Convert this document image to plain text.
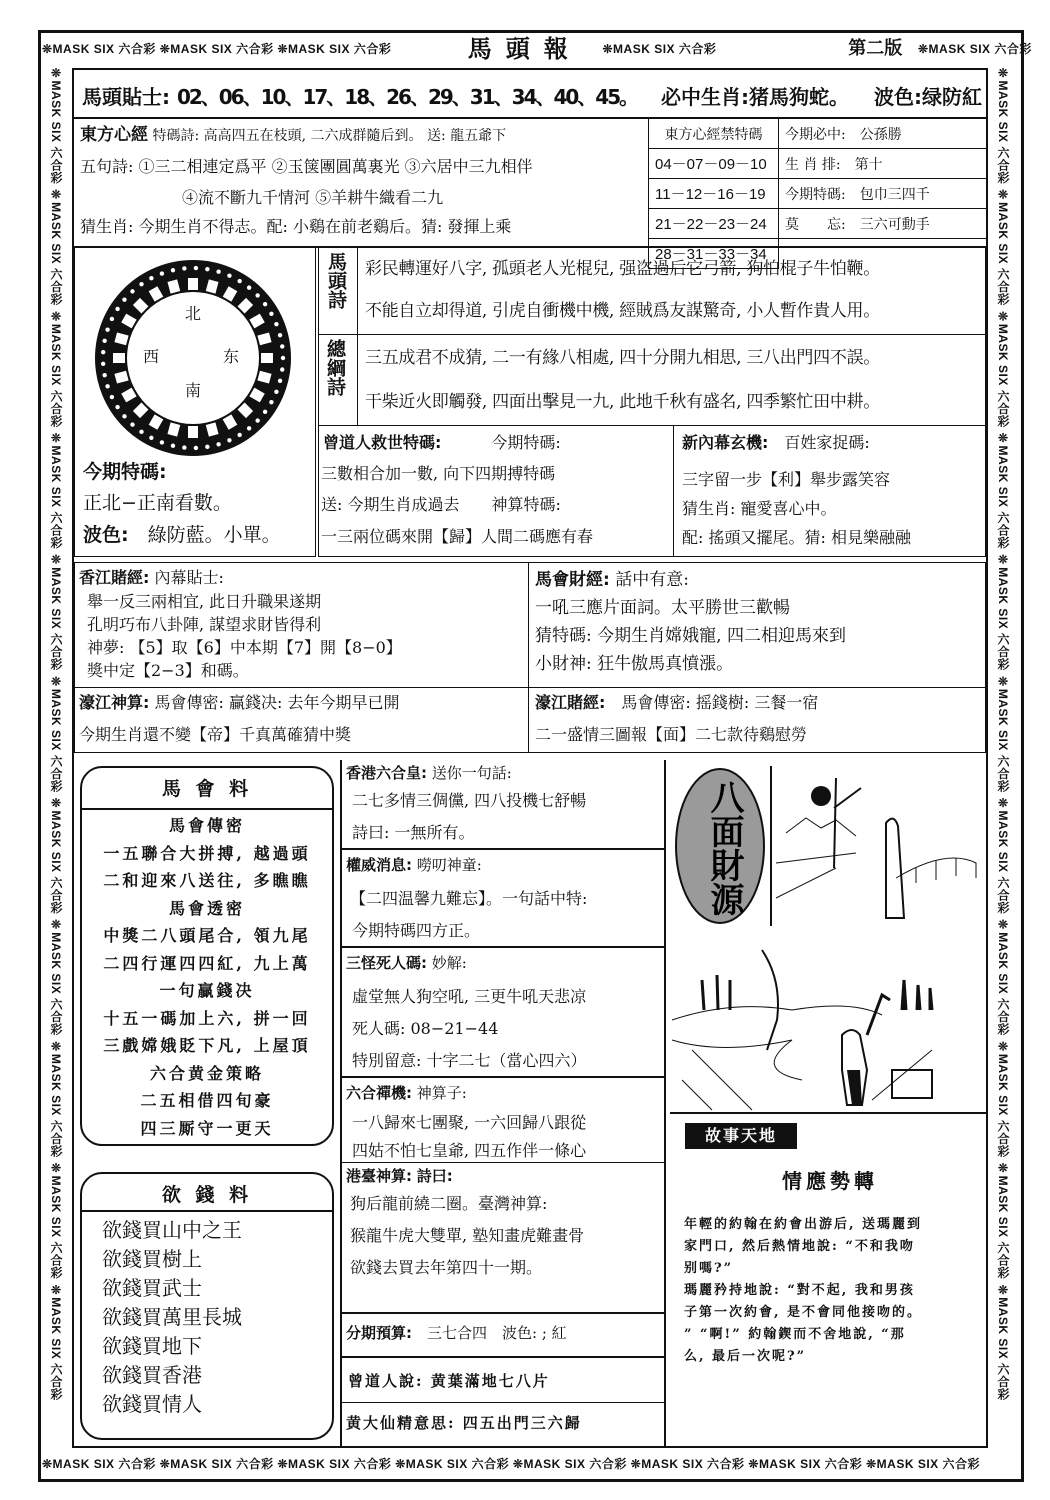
❊MASK SIX 六合彩 ❊MASK SIX 六合彩 ❊MASK SIX 六合彩	馬頭報	❊MASK SIX 六合彩	第二版	❊MASK SIX 六合彩
❊MASK SIX 六合彩 ❊MASK SIX 六合彩 ❊MASK SIX 六合彩 ❊MASK SIX 六合彩 ❊MASK SIX 六合彩 ❊MASK SIX 六合彩 ❊MASK SIX 六合彩 ❊MASK SIX 六合彩
❊MASK SIX 六合彩 ❊MASK SIX 六合彩 ❊MASK SIX 六合彩 ❊MASK SIX 六合彩 ❊MASK SIX 六合彩 ❊MASK SIX 六合彩 ❊MASK SIX 六合彩 ❊MASK SIX 六合彩 ❊MASK SIX 六合彩 ❊MASK SIX 六合彩 ❊MASK SIX 六合彩	❊MASK SIX 六合彩 ❊MASK SIX 六合彩 ❊MASK SIX 六合彩 ❊MASK SIX 六合彩 ❊MASK SIX 六合彩 ❊MASK SIX 六合彩 ❊MASK SIX 六合彩 ❊MASK SIX 六合彩 ❊MASK SIX 六合彩 ❊MASK SIX 六合彩 ❊MASK SIX 六合彩
馬頭貼士: 02、06、10、17、18、26、29、31、34、40、45。 必中生肖:猪馬狗蛇。 波色:绿防紅
東方心經 特碼詩: 高高四五在枝頭, 二六成群隨后到。 送: 龍五爺下
五句詩: ①三二相連定爲平 ②玉箧團圓萬裏光 ③六居中三九相伴
④流不斷九千情河 ⑤羊耕牛織看二九
猜生肖: 今期生肖不得志。配: 小鷄在前老鷄后。猜: 發揮上乘
東方心經禁特碼	今期必中:　 公孫勝
04－07－09－10	生 肖 排:　 第十
11－12－16－19	今期特碼:　 包巾三四千
21－22－23－24	莫　　忘:　 三六可動手
28－31－33－34	
北
西	东
南
今期特碼:
正北−正南看數。
波色:　 綠防藍。小單。
馬頭詩 彩民轉運好八字, 孤頭老人光棍兒, 强盗過后它弓箭, 狗怕棍子牛怕鞭。
不能自立却得道, 引虎自衝機中機, 經賊爲友謀驚奇, 小人暫作貴人用。
總綱詩 三五成君不成猜, 二一有緣八相處, 四十分開九相思, 三八出門四不誤。
干柴近火即觸發, 四面出擊見一九, 此地千秋有盛名, 四季繁忙田中耕。
曾道人救世特碼:	今期特碼:
三數相合加一數, 向下四期搏特碼
送: 今期生肖成過去　　神算特碼:
一三兩位碼來開【歸】人間二碼應有春
新內幕玄機:　 百姓家捉碼:
三字留一步【利】舉步露笑容
猜生肖: 寵愛喜心中。
配: 搖頭又擺尾。猜: 相見樂融融
香江賭經: 內幕貼士:
舉一反三兩相宜, 此日升職果遂期
孔明巧布八卦陣, 謀望求財皆得利
神夢: 【5】取【6】中本期【7】開【8−0】
獎中定【2−3】和碼。
馬會財經: 話中有意:
一吼三應片面詞。太平勝世三歡暢
猜特碼: 今期生肖嫦娥寵, 四二相迎馬來到
小財神: 狂牛傲馬真憤漲。
濠江神算: 馬會傳密: 贏錢决: 去年今期早已開
今期生肖還不變【帝】千真萬確猜中獎
濠江賭經:　 馬會傳密: 摇錢樹: 三餐一宿
二一盛情三圖報【面】二七款待鷄慰勞
馬 會 料
馬會傳密
一五聯合大拼搏, 越過頭
二和迎來八送往, 多瞧瞧
馬會透密
中獎二八頭尾合, 領九尾
二四行運四四紅, 九上萬
一句贏錢决
十五一碼加上六, 拼一回
三戲嫦娥貶下凡, 上屋頂
六合黄金策略
二五相借四旬豪
四三厮守一更天
欲 錢 料
欲錢買山中之王
欲錢買樹上
欲錢買武士
欲錢買萬里長城
欲錢買地下
欲錢買香港
欲錢買情人
香港六合皇: 送你一句話:
二七多情三倜儻, 四八投機七舒暢
詩曰: 一無所有。
權威消息: 嘮叨神童:
【二四温馨九難忘】。一句話中特:
今期特碼四方正。
三怪死人碼: 妙解:
虛堂無人狗空吼, 三更牛吼天悲凉
死人碼: 08−21−44
特別留意: 十字二七（當心四六）
六合禪機: 神算子:
一八歸來七團聚, 一六回歸八跟從
四姑不怕七皇爺, 四五作伴一條心
港臺神算: 詩曰:
狗后龍前繞二圈。臺灣神算:
猴龍牛虎大雙單, 塾知畫虎難畫骨
欲錢去買去年第四十一期。
分期預算:　 三七合四　波色: ; 紅
曾道人說: 黄葉滿地七八片
黄大仙精意思: 四五出門三六歸
八面財源
故事天地
情應勢轉
年輕的約翰在約會出游后, 送瑪麗到
家門口, 然后熱情地說: “不和我吻
别嗎?”
瑪麗矜持地說: “對不起, 我和男孩
子第一次約會, 是不會同他接吻的。
” “啊!” 約翰鍥而不舍地說, “那
么, 最后一次呢?”
